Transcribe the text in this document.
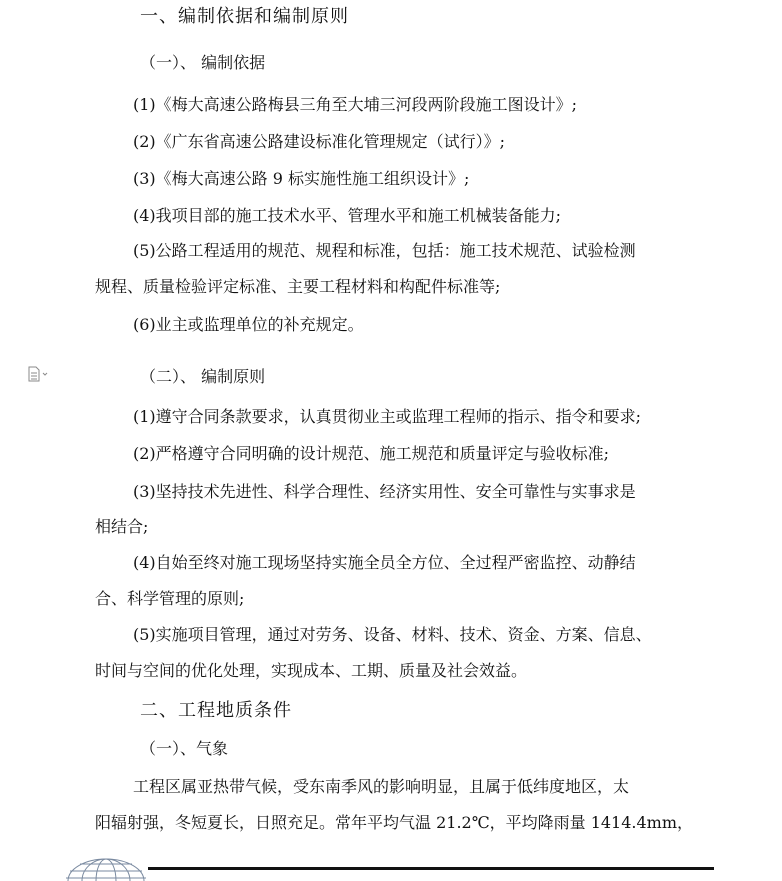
一、编制依据和编制原则
（一）、 编制依据
(1)《梅大高速公路梅县三角至大埔三河段两阶段施工图设计》;
(2)《广东省高速公路建设标准化管理规定（试行）》;
(3)《梅大高速公路 9 标实施性施工组织设计》;
(4)我项目部的施工技术水平、管理水平和施工机械装备能力;
(5)公路工程适用的规范、规程和标准，包括：施工技术规范、试验检测
规程、质量检验评定标准、主要工程材料和构配件标准等;
(6)业主或监理单位的补充规定。
（二）、 编制原则
(1)遵守合同条款要求，认真贯彻业主或监理工程师的指示、指令和要求;
(2)严格遵守合同明确的设计规范、施工规范和质量评定与验收标准;
(3)坚持技术先进性、科学合理性、经济实用性、安全可靠性与实事求是
相结合;
(4)自始至终对施工现场坚持实施全员全方位、全过程严密监控、动静结
合、科学管理的原则;
(5)实施项目管理，通过对劳务、设备、材料、技术、资金、方案、信息、
时间与空间的优化处理，实现成本、工期、质量及社会效益。
二、工程地质条件
（一）、气象
工程区属亚热带气候，受东南季风的影响明显，且属于低纬度地区，太
阳辐射强，冬短夏长，日照充足。常年平均气温 21.2℃，平均降雨量 1414.4mm，
